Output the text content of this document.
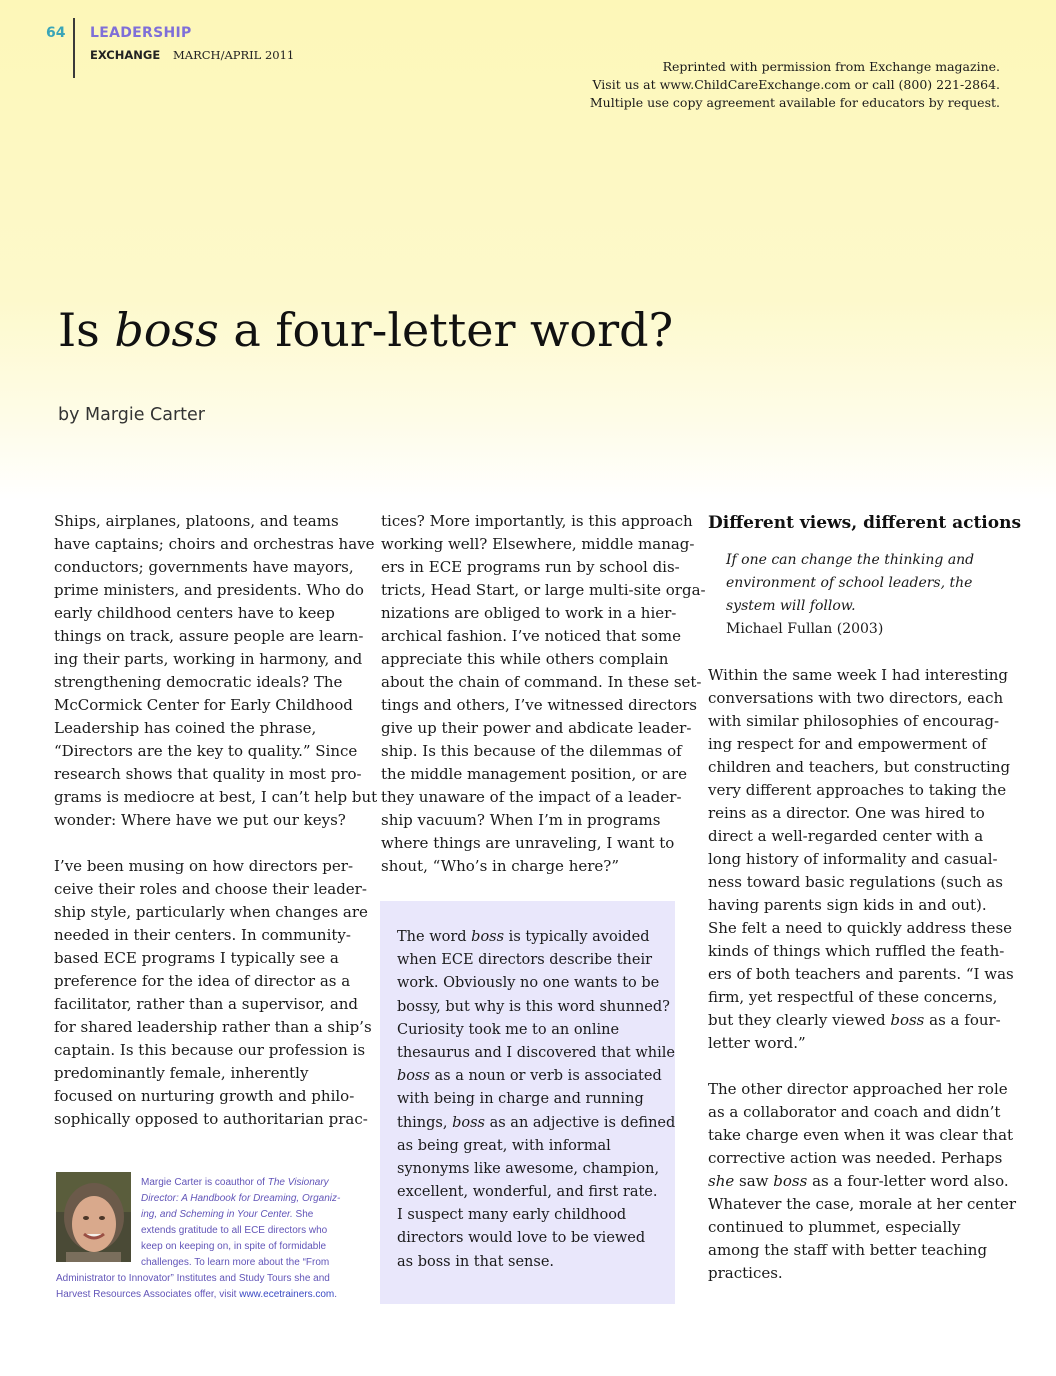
64 LEADERSHIP
EXCHANGE MARCH/APRIL 2011
Reprinted with permission from Exchange magazine.
Visit us at www.ChildCareExchange.com or call (800) 221-2864.
Multiple use copy agreement available for educators by request.
Is boss a four-letter word?
by Margie Carter
Ships, airplanes, platoons, and teams
have captains; choirs and orchestras have
conductors; governments have mayors,
prime ministers, and presidents. Who do
early childhood centers have to keep
things on track, assure people are learn-
ing their parts, working in harmony, and
strengthening democratic ideals? The
McCormick Center for Early Childhood
Leadership has coined the phrase,
“Directors are the key to quality.” Since
research shows that quality in most pro-
grams is mediocre at best, I can’t help but
wonder: Where have we put our keys?
I’ve been musing on how directors per-
ceive their roles and choose their leader-
ship style, particularly when changes are
needed in their centers. In community-
based ECE programs I typically see a
preference for the idea of director as a
facilitator, rather than a supervisor, and
for shared leadership rather than a ship’s
captain. Is this because our profession is
predominantly female, inherently
focused on nurturing growth and philo-
sophically opposed to authoritarian prac-
Margie Carter is coauthor of The Visionary
Director: A Handbook for Dreaming, Organiz-
ing, and Scheming in Your Center. She
extends gratitude to all ECE directors who
keep on keeping on, in spite of formidable
challenges. To learn more about the “From
Administrator to Innovator” Institutes and Study Tours she and
Harvest Resources Associates offer, visit www.ecetrainers.com.
tices? More importantly, is this approach
working well? Elsewhere, middle manag-
ers in ECE programs run by school dis-
tricts, Head Start, or large multi-site orga-
nizations are obliged to work in a hier-
archical fashion. I’ve noticed that some
appreciate this while others complain
about the chain of command. In these set-
tings and others, I’ve witnessed directors
give up their power and abdicate leader-
ship. Is this because of the dilemmas of
the middle management position, or are
they unaware of the impact of a leader-
ship vacuum? When I’m in programs
where things are unraveling, I want to
shout, “Who’s in charge here?”
The word boss is typically avoided
when ECE directors describe their
work. Obviously no one wants to be
bossy, but why is this word shunned?
Curiosity took me to an online
thesaurus and I discovered that while
boss as a noun or verb is associated
with being in charge and running
things, boss as an adjective is defined
as being great, with informal
synonyms like awesome, champion,
excellent, wonderful, and first rate.
I suspect many early childhood
directors would love to be viewed
as boss in that sense.
Different views, different actions
If one can change the thinking and
environment of school leaders, the
system will follow.
Michael Fullan (2003)
Within the same week I had interesting
conversations with two directors, each
with similar philosophies of encourag-
ing respect for and empowerment of
children and teachers, but constructing
very different approaches to taking the
reins as a director. One was hired to
direct a well-regarded center with a
long history of informality and casual-
ness toward basic regulations (such as
having parents sign kids in and out).
She felt a need to quickly address these
kinds of things which ruffled the feath-
ers of both teachers and parents. “I was
firm, yet respectful of these concerns,
but they clearly viewed boss as a four-
letter word.”
The other director approached her role
as a collaborator and coach and didn’t
take charge even when it was clear that
corrective action was needed. Perhaps
she saw boss as a four-letter word also.
Whatever the case, morale at her center
continued to plummet, especially
among the staff with better teaching
practices.
